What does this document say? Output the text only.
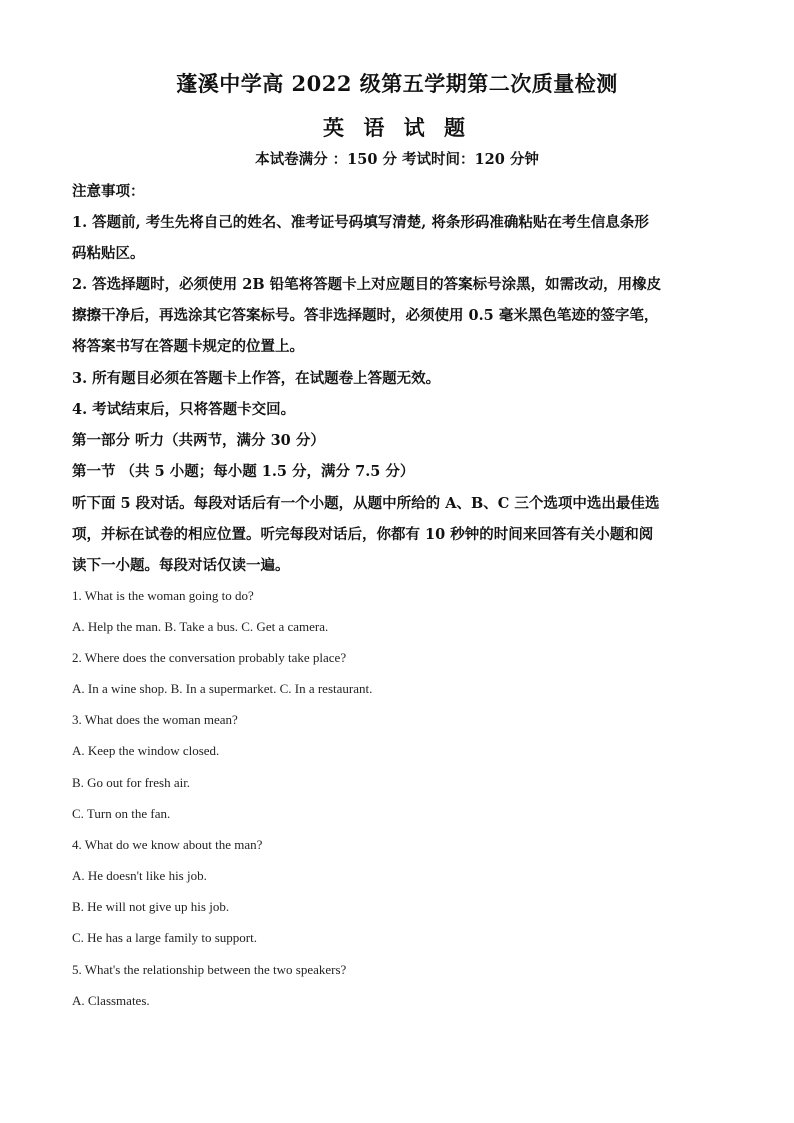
蓬溪中学高 2022 级第五学期第二次质量检测
英 语 试 题
本试卷满分 ：150 分 考试时间：120 分钟
注意事项：
1. 答题前, 考生先将自己的姓名、准考证号码填写清楚, 将条形码准确粘贴在考生信息条形
码粘贴区。
2. 答选择题时，必须使用 2B 铅笔将答题卡上对应题目的答案标号涂黑，如需改动，用橡皮
擦擦干净后，再选涂其它答案标号。答非选择题时，必须使用 0.5 毫米黑色笔迹的签字笔，
将答案书写在答题卡规定的位置上。
3. 所有题目必须在答题卡上作答，在试题卷上答题无效。
4. 考试结束后，只将答题卡交回。
第一部分 听力（共两节，满分 30 分）
第一节 （共 5 小题；每小题 1.5 分，满分 7.5 分）
听下面 5 段对话。每段对话后有一个小题，从题中所给的 A、B、C 三个选项中选出最佳选
项，并标在试卷的相应位置。听完每段对话后，你都有 10 秒钟的时间来回答有关小题和阅
读下一小题。每段对话仅读一遍。
1. What is the woman going to do?
A. Help the man. B. Take a bus. C. Get a camera.
2. Where does the conversation probably take place?
A. In a wine shop. B. In a supermarket. C. In a restaurant.
3. What does the woman mean?
A. Keep the window closed.
B. Go out for fresh air.
C. Turn on the fan.
4. What do we know about the man?
A. He doesn't like his job.
B. He will not give up his job.
C. He has a large family to support.
5. What's the relationship between the two speakers?
A. Classmates.
